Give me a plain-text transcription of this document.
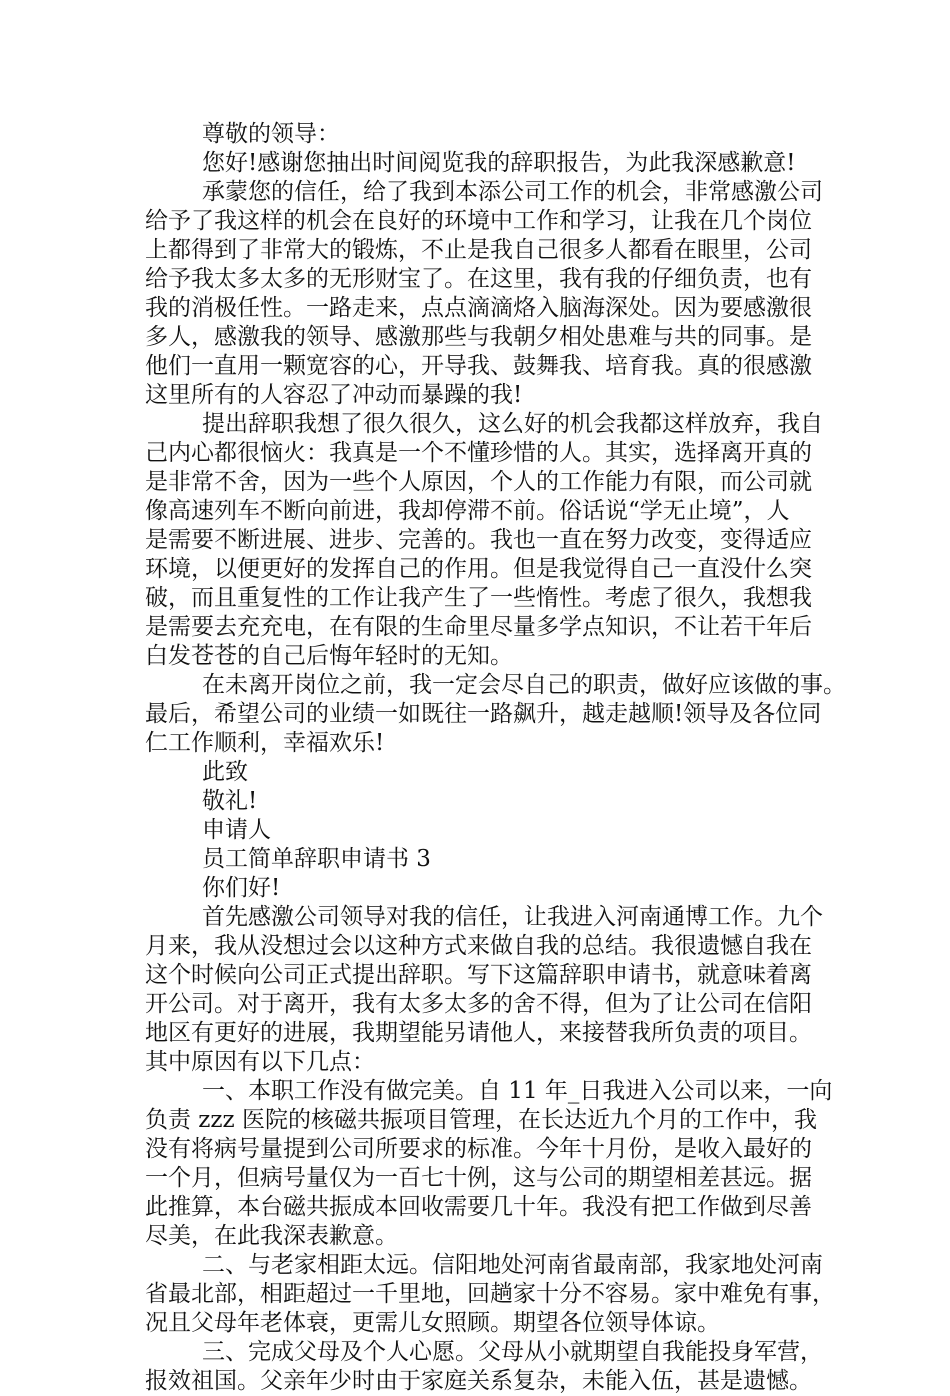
尊敬的领导：
您好!感谢您抽出时间阅览我的辞职报告，为此我深感歉意!
承蒙您的信任，给了我到本添公司工作的机会，非常感激公司
给予了我这样的机会在良好的环境中工作和学习，让我在几个岗位
上都得到了非常大的锻炼，不止是我自己很多人都看在眼里，公司
给予我太多太多的无形财宝了。在这里，我有我的仔细负责，也有
我的消极任性。一路走来，点点滴滴烙入脑海深处。因为要感激很
多人，感激我的领导、感激那些与我朝夕相处患难与共的同事。是
他们一直用一颗宽容的心，开导我、鼓舞我、培育我。真的很感激
这里所有的人容忍了冲动而暴躁的我!
提出辞职我想了很久很久，这么好的机会我都这样放弃，我自
己内心都很恼火：我真是一个不懂珍惜的人。其实，选择离开真的
是非常不舍，因为一些个人原因，个人的工作能力有限，而公司就
像高速列车不断向前进，我却停滞不前。俗话说“学无止境”，人
是需要不断进展、进步、完善的。我也一直在努力改变，变得适应
环境，以便更好的发挥自己的作用。但是我觉得自己一直没什么突
破，而且重复性的工作让我产生了一些惰性。考虑了很久，我想我
是需要去充充电，在有限的生命里尽量多学点知识，不让若干年后
白发苍苍的自己后悔年轻时的无知。
在未离开岗位之前，我一定会尽自己的职责，做好应该做的事。
最后，希望公司的业绩一如既往一路飙升，越走越顺!领导及各位同
仁工作顺利，幸福欢乐!
此致
敬礼!
申请人
员工简单辞职申请书 3
你们好!
首先感激公司领导对我的信任，让我进入河南通博工作。九个
月来，我从没想过会以这种方式来做自我的总结。我很遗憾自我在
这个时候向公司正式提出辞职。写下这篇辞职申请书，就意味着离
开公司。对于离开，我有太多太多的舍不得，但为了让公司在信阳
地区有更好的进展，我期望能另请他人，来接替我所负责的项目。
其中原因有以下几点：
一、本职工作没有做完美。自 11 年_日我进入公司以来，一向
负责 zzz 医院的核磁共振项目管理，在长达近九个月的工作中，我
没有将病号量提到公司所要求的标准。今年十月份，是收入最好的
一个月，但病号量仅为一百七十例，这与公司的期望相差甚远。据
此推算，本台磁共振成本回收需要几十年。我没有把工作做到尽善
尽美，在此我深表歉意。
二、与老家相距太远。信阳地处河南省最南部，我家地处河南
省最北部，相距超过一千里地，回趟家十分不容易。家中难免有事，
况且父母年老体衰，更需儿女照顾。期望各位领导体谅。
三、完成父母及个人心愿。父母从小就期望自我能投身军营，
报效祖国。父亲年少时由于家庭关系复杂，未能入伍，甚是遗憾。
